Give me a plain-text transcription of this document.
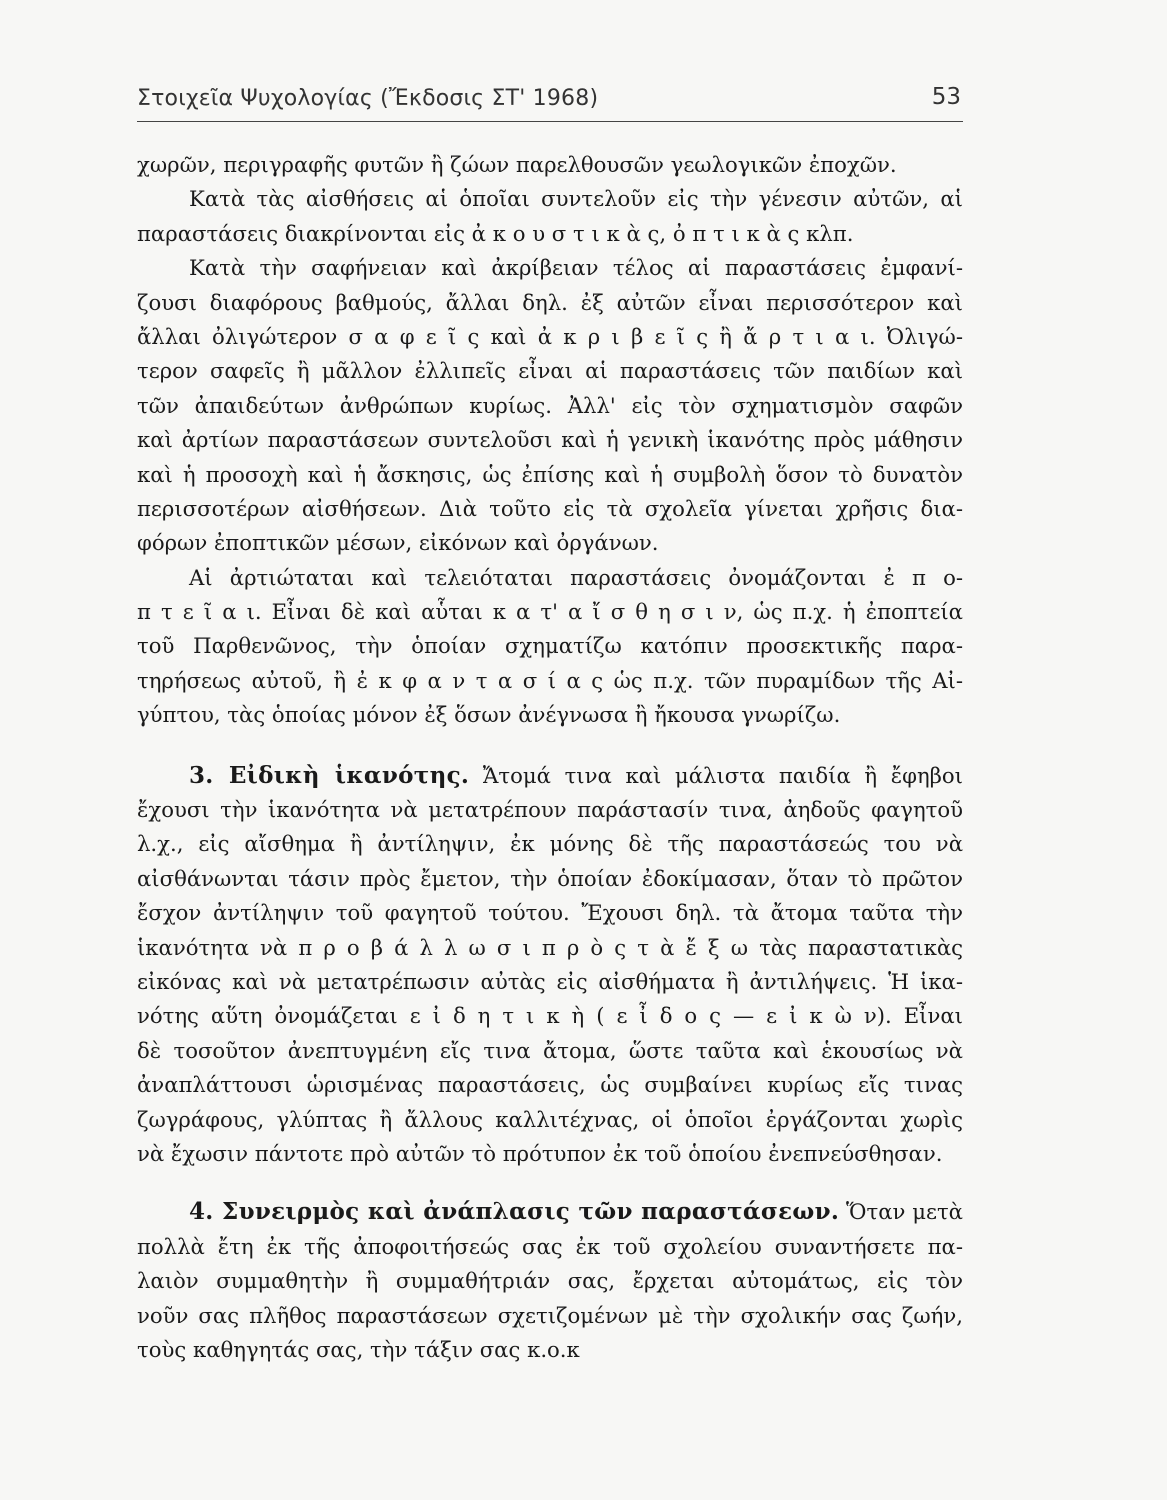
Στοιχεῖα Ψυχολογίας (Ἔκδοσις ΣΤ' 1968)	53
χωρῶν, περιγραφῆς φυτῶν ἢ ζώων παρελθουσῶν γεωλογικῶν ἐποχῶν.
Κατὰ τὰς αἰσθήσεις αἱ ὁποῖαι συντελοῦν εἰς τὴν γένεσιν αὐτῶν, αἱ
παραστάσεις διακρίνονται εἰς ἀ κ ο υ σ τ ι κ ὰ ς, ὀ π τ ι κ ὰ ς κλπ.
Κατὰ τὴν σαφήνειαν καὶ ἀκρίβειαν τέλος αἱ παραστάσεις ἐμφανί-
ζουσι διαφόρους βαθμούς, ἄλλαι δηλ. ἐξ αὐτῶν εἶναι περισσότερον καὶ
ἄλλαι ὀλιγώτερον σ α φ ε ῖ ς καὶ ἀ κ ρ ι β ε ῖ ς ἢ ἄ ρ τ ι α ι. Ὀλιγώ-
τερον σαφεῖς ἢ μᾶλλον ἐλλιπεῖς εἶναι αἱ παραστάσεις τῶν παιδίων καὶ
τῶν ἀπαιδεύτων ἀνθρώπων κυρίως. Ἀλλ' εἰς τὸν σχηματισμὸν σαφῶν
καὶ ἀρτίων παραστάσεων συντελοῦσι καὶ ἡ γενικὴ ἱκανότης πρὸς μάθησιν
καὶ ἡ προσοχὴ καὶ ἡ ἄσκησις, ὡς ἐπίσης καὶ ἡ συμβολὴ ὅσον τὸ δυνατὸν
περισσοτέρων αἰσθήσεων. Διὰ τοῦτο εἰς τὰ σχολεῖα γίνεται χρῆσις δια-
φόρων ἐποπτικῶν μέσων, εἰκόνων καὶ ὀργάνων.
Αἱ ἀρτιώταται καὶ τελειόταται παραστάσεις ὀνομάζονται ἐ π ο-
π τ ε ῖ α ι. Εἶναι δὲ καὶ αὗται κ α τ' α ἴ σ θ η σ ι ν, ὡς π.χ. ἡ ἐποπτεία
τοῦ Παρθενῶνος, τὴν ὁποίαν σχηματίζω κατόπιν προσεκτικῆς παρα-
τηρήσεως αὐτοῦ, ἢ ἐ κ φ α ν τ α σ ί α ς ὡς π.χ. τῶν πυραμίδων τῆς Αἰ-
γύπτου, τὰς ὁποίας μόνον ἐξ ὅσων ἀνέγνωσα ἢ ἤκουσα γνωρίζω.
3. Εἰδικὴ ἱκανότης. Ἄτομά τινα καὶ μάλιστα παιδία ἢ ἔφηβοι
ἔχουσι τὴν ἱκανότητα νὰ μετατρέπουν παράστασίν τινα, ἀηδοῦς φαγητοῦ
λ.χ., εἰς αἴσθημα ἢ ἀντίληψιν, ἐκ μόνης δὲ τῆς παραστάσεώς του νὰ
αἰσθάνωνται τάσιν πρὸς ἔμετον, τὴν ὁποίαν ἐδοκίμασαν, ὅταν τὸ πρῶτον
ἔσχον ἀντίληψιν τοῦ φαγητοῦ τούτου. Ἔχουσι δηλ. τὰ ἄτομα ταῦτα τὴν
ἱκανότητα νὰ π ρ ο β ά λ λ ω σ ι π ρ ὸ ς τ ὰ ἔ ξ ω τὰς παραστατικὰς
εἰκόνας καὶ νὰ μετατρέπωσιν αὐτὰς εἰς αἰσθήματα ἢ ἀντιλήψεις. Ἡ ἱκα-
νότης αὕτη ὀνομάζεται ε ἰ δ η τ ι κ ὴ ( ε ἶ δ ο ς — ε ἰ κ ὼ ν). Εἶναι
δὲ τοσοῦτον ἀνεπτυγμένη εἴς τινα ἄτομα, ὥστε ταῦτα καὶ ἑκουσίως νὰ
ἀναπλάττουσι ὡρισμένας παραστάσεις, ὡς συμβαίνει κυρίως εἴς τινας
ζωγράφους, γλύπτας ἢ ἄλλους καλλιτέχνας, οἱ ὁποῖοι ἐργάζονται χωρὶς
νὰ ἔχωσιν πάντοτε πρὸ αὐτῶν τὸ πρότυπον ἐκ τοῦ ὁποίου ἐνεπνεύσθησαν.
4. Συνειρμὸς καὶ ἀνάπλασις τῶν παραστάσεων. Ὅταν μετὰ
πολλὰ ἔτη ἐκ τῆς ἀποφοιτήσεώς σας ἐκ τοῦ σχολείου συναντήσετε πα-
λαιὸν συμμαθητὴν ἢ συμμαθήτριάν σας, ἔρχεται αὐτομάτως, εἰς τὸν
νοῦν σας πλῆθος παραστάσεων σχετιζομένων μὲ τὴν σχολικήν σας ζωήν,
τοὺς καθηγητάς σας, τὴν τάξιν σας κ.ο.κ
